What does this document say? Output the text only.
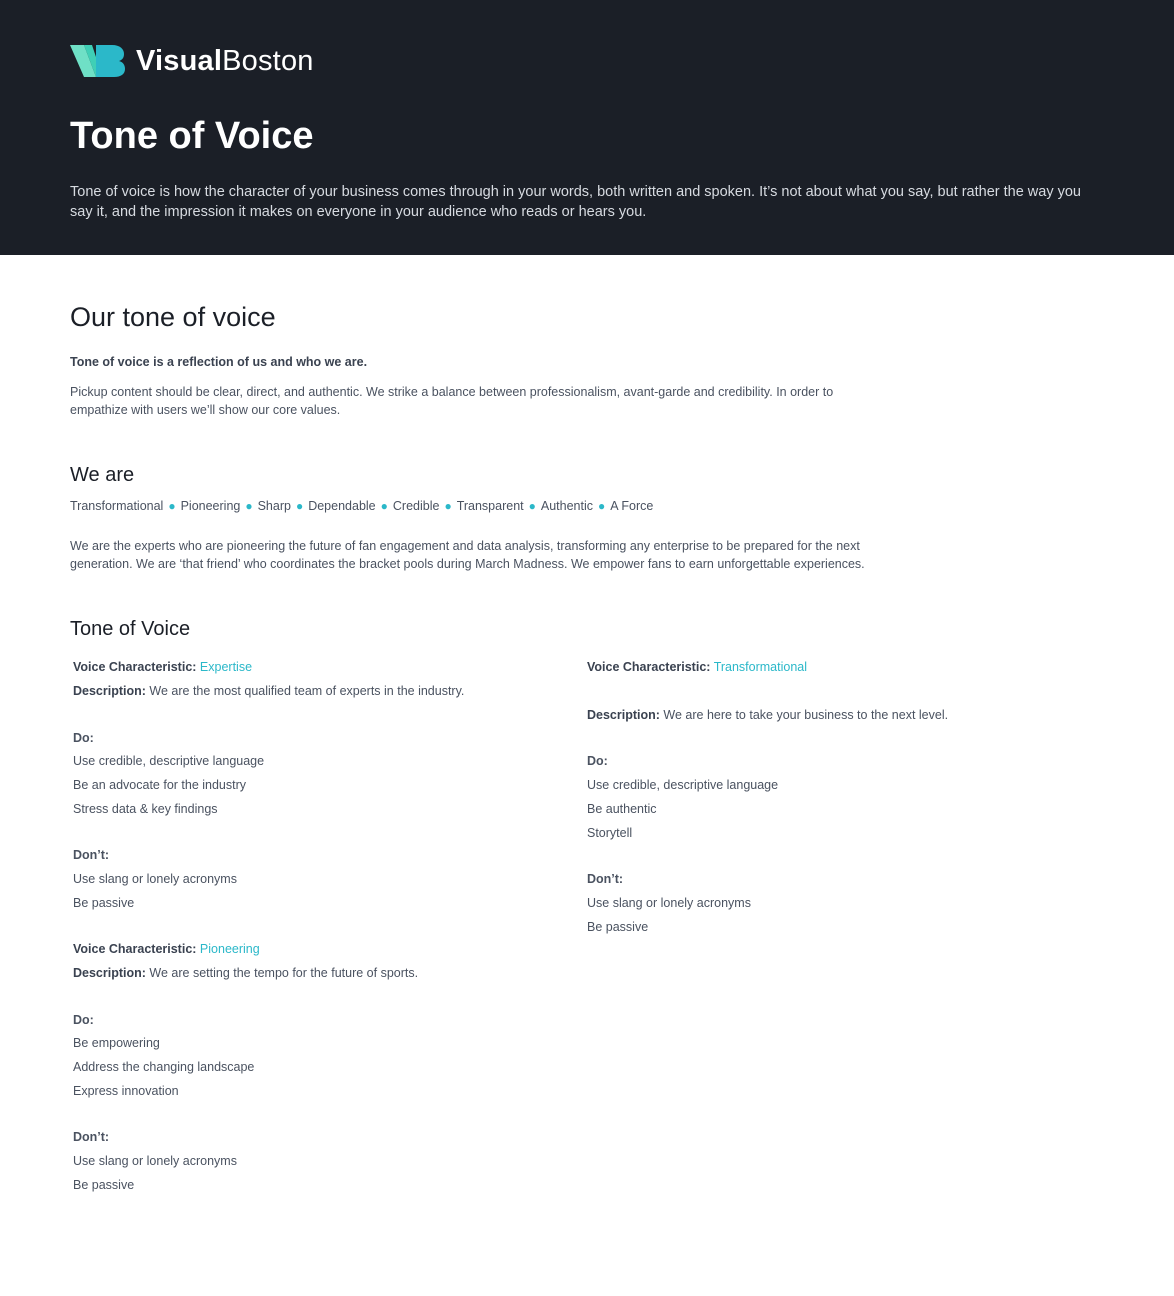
VisualBoston
Tone of Voice

Tone of voice is how the character of your business comes through in your words, both written and spoken. It’s not about what you say, but rather the way you say it, and the impression it makes on everyone in your audience who reads or hears you.

Our tone of voice

Tone of voice is a reflection of us and who we are.

Pickup content should be clear, direct, and authentic. We strike a balance between professionalism, avant-garde and credibility. In order to empathize with users we’ll show our core values.

We are

Transformational ● Pioneering ● Sharp ● Dependable ● Credible ● Transparent ● Authentic ● A Force

We are the experts who are pioneering the future of fan engagement and data analysis, transforming any enterprise to be prepared for the next generation. We are ‘that friend’ who coordinates the bracket pools during March Madness. We empower fans to earn unforgettable experiences.

Tone of Voice

Voice Characteristic: Expertise

Description: We are the most qualified team of experts in the industry.

Do:

Use credible, descriptive language

Be an advocate for the industry

Stress data & key findings

Don’t:

Use slang or lonely acronyms

Be passive

Voice Characteristic: Pioneering

Description: We are setting the tempo for the future of sports.

Do:

Be empowering

Address the changing landscape

Express innovation

Don’t:

Use slang or lonely acronyms

Be passive

Voice Characteristic: Transformational

Description: We are here to take your business to the next level.

Do:

Use credible, descriptive language

Be authentic

Storytell

Don’t:

Use slang or lonely acronyms

Be passive
